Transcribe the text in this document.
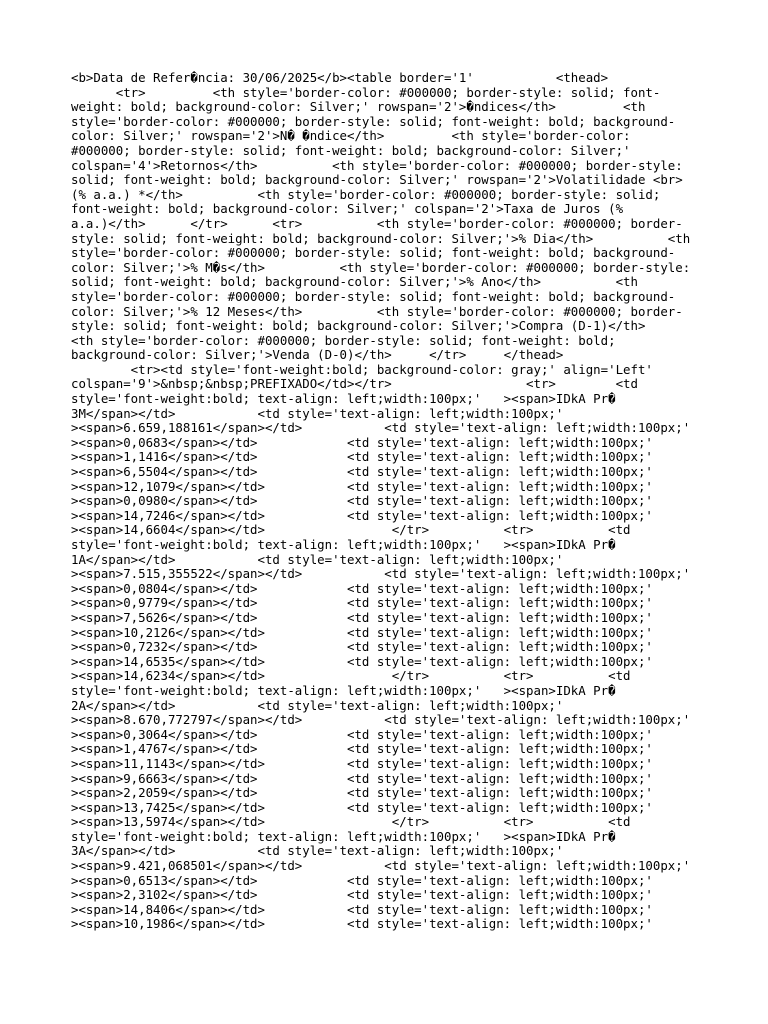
<b>Data de Refer�ncia: 30/06/2025</b><table border='1'           <thead>
<tr>         <th style='border-color: #000000; border-style: solid; font-
weight: bold; background-color: Silver;' rowspan='2'>�ndices</th>         <th
style='border-color: #000000; border-style: solid; font-weight: bold; background-
color: Silver;' rowspan='2'>N� �ndice</th>         <th style='border-color:
#000000; border-style: solid; font-weight: bold; background-color: Silver;'
colspan='4'>Retornos</th>          <th style='border-color: #000000; border-style:
solid; font-weight: bold; background-color: Silver;' rowspan='2'>Volatilidade <br>
(% a.a.) *</th>          <th style='border-color: #000000; border-style: solid;
font-weight: bold; background-color: Silver;' colspan='2'>Taxa de Juros (%
a.a.)</th>      </tr>      <tr>          <th style='border-color: #000000; border-
style: solid; font-weight: bold; background-color: Silver;'>% Dia</th>          <th
style='border-color: #000000; border-style: solid; font-weight: bold; background-
color: Silver;'>% M�s</th>          <th style='border-color: #000000; border-style:
solid; font-weight: bold; background-color: Silver;'>% Ano</th>          <th
style='border-color: #000000; border-style: solid; font-weight: bold; background-
color: Silver;'>% 12 Meses</th>          <th style='border-color: #000000; border-
style: solid; font-weight: bold; background-color: Silver;'>Compra (D-1)</th>
<th style='border-color: #000000; border-style: solid; font-weight: bold;
background-color: Silver;'>Venda (D-0)</th>     </tr>     </thead>
<tr><td style='font-weight:bold; background-color: gray;' align='Left'
colspan='9'>&nbsp;&nbsp;PREFIXADO</td></tr>                  <tr>        <td
style='font-weight:bold; text-align: left;width:100px;'   ><span>IDkA Pr�
3M</span></td>           <td style='text-align: left;width:100px;'
><span>6.659,188161</span></td>           <td style='text-align: left;width:100px;'
><span>0,0683</span></td>            <td style='text-align: left;width:100px;'
><span>1,1416</span></td>            <td style='text-align: left;width:100px;'
><span>6,5504</span></td>            <td style='text-align: left;width:100px;'
><span>12,1079</span></td>           <td style='text-align: left;width:100px;'
><span>0,0980</span></td>            <td style='text-align: left;width:100px;'
><span>14,7246</span></td>           <td style='text-align: left;width:100px;'
><span>14,6604</span></td>                 </tr>          <tr>          <td
style='font-weight:bold; text-align: left;width:100px;'   ><span>IDkA Pr�
1A</span></td>           <td style='text-align: left;width:100px;'
><span>7.515,355522</span></td>           <td style='text-align: left;width:100px;'
><span>0,0804</span></td>            <td style='text-align: left;width:100px;'
><span>0,9779</span></td>            <td style='text-align: left;width:100px;'
><span>7,5626</span></td>            <td style='text-align: left;width:100px;'
><span>10,2126</span></td>           <td style='text-align: left;width:100px;'
><span>0,7232</span></td>            <td style='text-align: left;width:100px;'
><span>14,6535</span></td>           <td style='text-align: left;width:100px;'
><span>14,6234</span></td>                 </tr>          <tr>          <td
style='font-weight:bold; text-align: left;width:100px;'   ><span>IDkA Pr�
2A</span></td>           <td style='text-align: left;width:100px;'
><span>8.670,772797</span></td>           <td style='text-align: left;width:100px;'
><span>0,3064</span></td>            <td style='text-align: left;width:100px;'
><span>1,4767</span></td>            <td style='text-align: left;width:100px;'
><span>11,1143</span></td>           <td style='text-align: left;width:100px;'
><span>9,6663</span></td>            <td style='text-align: left;width:100px;'
><span>2,2059</span></td>            <td style='text-align: left;width:100px;'
><span>13,7425</span></td>           <td style='text-align: left;width:100px;'
><span>13,5974</span></td>                 </tr>          <tr>          <td
style='font-weight:bold; text-align: left;width:100px;'   ><span>IDkA Pr�
3A</span></td>           <td style='text-align: left;width:100px;'
><span>9.421,068501</span></td>           <td style='text-align: left;width:100px;'
><span>0,6513</span></td>            <td style='text-align: left;width:100px;'
><span>2,3102</span></td>            <td style='text-align: left;width:100px;'
><span>14,8406</span></td>           <td style='text-align: left;width:100px;'
><span>10,1986</span></td>           <td style='text-align: left;width:100px;'
